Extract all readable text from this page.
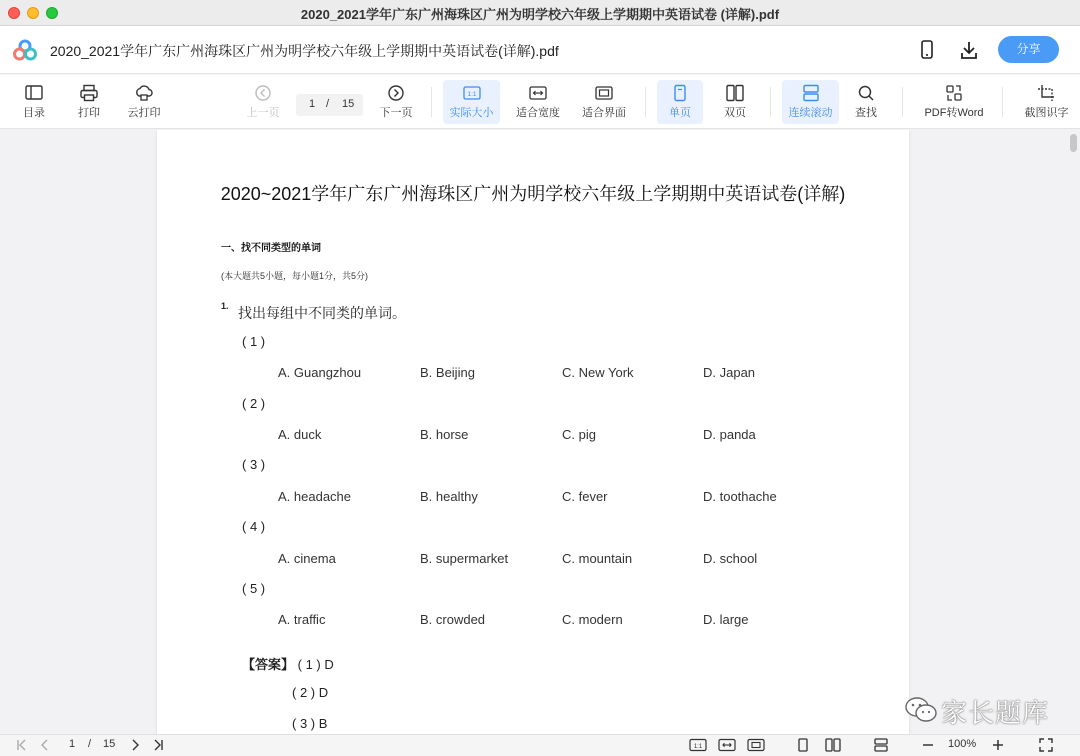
2020_2021学年广东广州海珠区广州为明学校六年级上学期期中英语试卷 (详解).pdf
2020_2021学年广东广州海珠区广州为明学校六年级上学期期中英语试卷(详解).pdf	分享
目录	打印	云打印	上一页
1 / 15
下一页
1:1
实际大小	适合宽度	适合界面	单页	双页	连续滚动	查找	PDF转Word	截图识字
2020~2021学年广东广州海珠区广州为明学校六年级上学期期中英语试卷(详解)
一、找不同类型的单词
(本大题共5小题，每小题1分，共5分)
1. 找出每组中不同类的单词。
( 1 )
A. Guangzhou	B. Beijing	C. New York	D. Japan
( 2 )
A. duck	B. horse	C. pig	D. panda
( 3 )
A. headache	B. healthy	C. fever	D. toothache
( 4 )
A. cinema	B. supermarket	C. mountain	D. school
( 5 )
A. traffic	B. crowded	C. modern	D. large
【答案】 ( 1 ) D
( 2 ) D
( 3 ) B	家长题库
1 / 15	1:1	100%
